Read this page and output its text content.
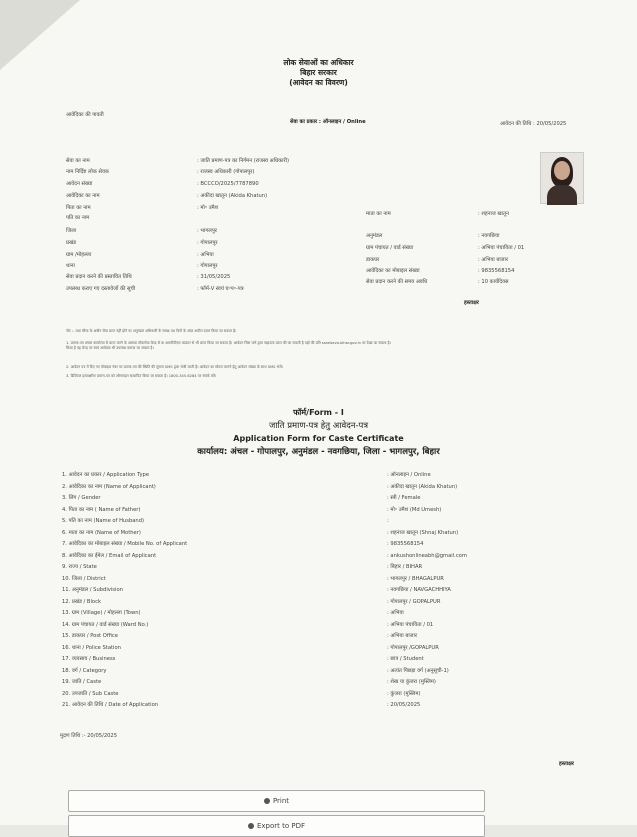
लोक सेवाओं का अधिकार
बिहार सरकार
(आवेदन का विवरण)
आवेदिका की पावती
सेवा का प्रकार : ऑनलाइन / Online	आवेदन की तिथि : 20/05/2025
सेवा का नाम	: जाति प्रमाण-पत्र का निर्गमन (राजस्व अधिकारी)
नाम निर्दिष्ट लोक सेवक	: राजस्व अधिकारी (गोपालपुर)
आवेदन संख्या	: BCCCO/2025/7787890
आवेदिका का नाम	: अकीदा खातून (Akida Khatun)
पिता का नाम	: मो॰ उमैश
पति का नाम
जिला	: भागलपुर
प्रखंड	: गोपालपुर
ग्राम /मोहल्ला	: अभिया
थाना	: गोपालपुर
सेवा प्रदान करने की प्रस्तावित तिथि	: 31/05/2025
उपलब्ध कराए गए दस्तावेजों की सूची	: फॉर्म-V स्वयं घ॰प॰-पत्र
माता का नाम	: शहनाज खातून
अनुमंडल	: नवगछिया
ग्राम पंचायत / वार्ड संख्या	: अभिया पंचायिता / 01
डाकघर	: अभिया बाजार
आवेदिका का मोबाइल संख्या	: 9835568154
सेवा प्रदान करने की समय अवधि	: 10 कार्यदिवस
हस्ताक्षर
नोट :- यथा सीमा के अधीन सेवा प्राप्त नहीं होने पर अनुमंडल अधिकारी के समक्ष 30 दिनों के अंदर अपील दायर किया जा सकता है।
1. प्रमाण-पत्र अंचल कार्यालय से प्राप्त करने के अलावा लोकसेवा केन्द्र से या आरटीपीएस काउंटर से भी प्राप्त किया जा सकता है। आवेदन जिस पाने द्वारा सहायता प्राप्त की जा सकती है वहाँ की प्रति saralseva.bihar.gov.in पर देखा जा सकता है।
किया है वह केन्द्र पर स्वयं आवेदक भी उपलब्ध कराया जा सकता है।
2. आवेदन पत्र में दिए गए मोबाइल नंबर पर प्रमाण-पत्र की स्थिति की सूचना SMS द्वारा भेजी जाती है। आवेदन का स्टेटस जानने हेतु आवेदन संख्या के साथ SMS भेजें।
3. डिजिटल हस्ताक्षरित प्रमाण-पत्र को ऑनलाइन सत्यापित किया जा सकता है। 1800-345-6284 पर संपर्क करें।
फॉर्म/Form - I
जाति प्रमाण-पत्र हेतु आवेदन-पत्र
Application Form for Caste Certificate
कार्यालय: अंचल - गोपालपुर, अनुमंडल - नवगछिया, जिला - भागलपुर, बिहार
1. आवेदन का प्रकार / Application Type	: ऑनलाइन / Online
2. आवेदिका का नाम (Name of Applicant)	: अकीदा खातून (Akida Khatun)
3. लिंग / Gender	: स्त्री / Female
4. पिता का नाम ( Name of Father)	: मो॰ उमैश (Md Umesh)
5. पति का नाम (Name of Husband)	:
6. माता का नाम (Name of Mother)	: शहनाज खातून (Shnaj Khatun)
7. आवेदिका का मोबाइल संख्या / Mobile No. of Applicant	: 9835568154
8. आवेदिका का ईमेल / Email of Applicant	: ankushonlineabh@gmail.com
9. राज्य / State	: बिहार / BIHAR
10. जिला / District	: भागलपुर / BHAGALPUR
11. अनुमंडल / Subdivision	: नवगछिया / NAVGACHHIYA
12. प्रखंड / Block	: गोपालपुर / GOPALPUR
13. ग्राम (Village) / मोहल्ला (Town)	: अभिया
14. ग्राम पंचायत / वार्ड संख्या (Ward No.)	: अभिया पंचायिता / 01
15. डाकघर / Post Office	: अभिया बाजार
16. थाना / Police Station	: गोपालपुर /GOPALPUR
17. व्यवसाय / Business	: छात्र / Student
18. वर्ग / Category	: अत्यंत पिछड़ा वर्ग (अनुसूची-1)
19. जाति / Caste	: शेख या कुंजरा (मुस्लिम)
20. उपजाति / Sub Caste	: कुंजरा (मुस्लिम)
21. आवेदन की तिथि / Date of Application	: 20/05/2025
मुद्रण तिथि :- 20/05/2025
हस्ताक्षर
Print
Export to PDF
